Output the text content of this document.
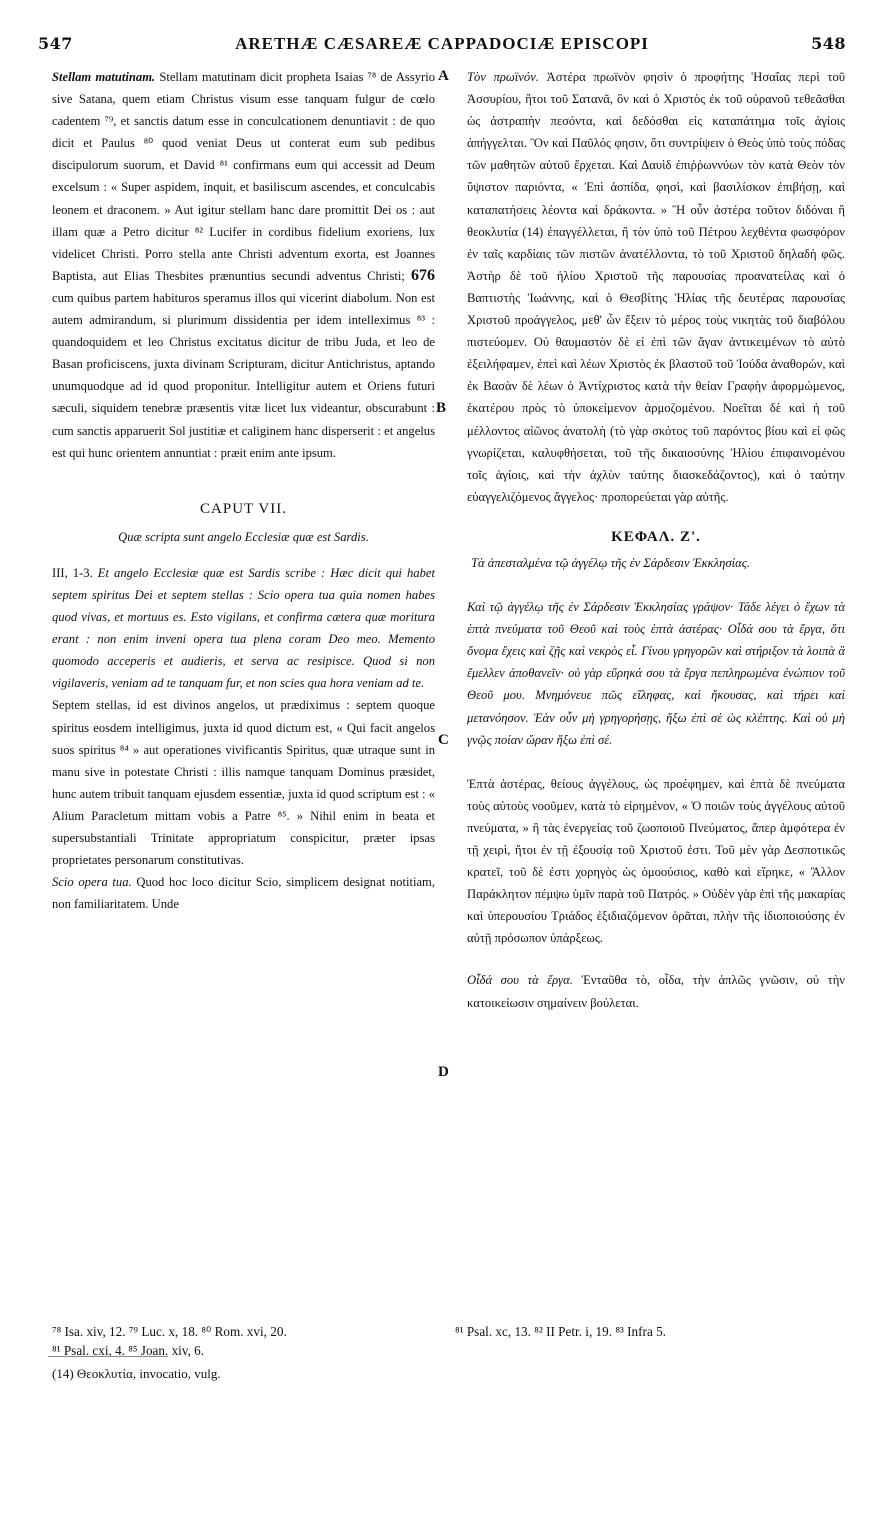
547	ARETHÆ CÆSAREÆ CAPPADOCIÆ EPISCOPI	548
A
B
C
D

Stellam matutinam. Stellam matutinam dicit propheta Isaias ⁷⁸ de Assyrio sive Satana, quem etiam Christus visum esse tanquam fulgur de cœlo cadentem ⁷⁹, et sanctis datum esse in conculcationem denuntiavit : de quo dicit et Paulus ⁸⁰ quod veniat Deus ut conterat eum sub pedibus discipulorum suorum, et David ⁸¹ confirmans eum qui accessit ad Deum excelsum : « Super aspidem, inquit, et basiliscum ascendes, et conculcabis leonem et draconem. » Aut igitur stellam hanc dare promittit Dei os : aut illam quæ a Petro dicitur ⁸² Lucifer in cordibus fidelium exoriens, lux videlicet Christi. Porro stella ante Christi adventum exorta, est Joannes Baptista, aut Elias Thesbites prænuntius secundi adventus Christi; 676 cum quibus partem habituros speramus illos qui vicerint diabolum. Non est autem admirandum, si plurimum dissidentia per idem intelleximus ⁸³ : quandoquidem et leo Christus excitatus dicitur de tribu Juda, et leo de Basan proficiscens, juxta divinam Scripturam, dicitur Antichristus, aptando unumquodque ad id quod proponitur. Intelligitur autem et Oriens futuri sæculi, siquidem tenebræ præsentis vitæ licet lux videantur, obscurabunt : cum sanctis apparuerit Sol justitiæ et caliginem hanc disperserit : et angelus est qui hunc orientem annuntiat : præit enim ante ipsum.

CAPUT VII.
Quæ scripta sunt angelo Ecclesiæ quæ est Sardis.

III, 1-3. Et angelo Ecclesiæ quæ est Sardis scribe : Hæc dicit qui habet septem spiritus Dei et septem stellas : Scio opera tua quia nomen habes quod vivas, et mortuus es. Esto vigilans, et confirma cætera quæ moritura erant : non enim inveni opera tua plena coram Deo meo. Memento quomodo acceperis et audieris, et serva ac resipisce. Quod si non vigilaveris, veniam ad te tanquam fur, et non scies qua hora veniam ad te.

Septem stellas, id est divinos angelos, ut prædiximus : septem quoque spiritus eosdem intelligimus, juxta id quod dictum est, « Qui facit angelos suos spiritus ⁸⁴ » aut operationes vivificantis Spiritus, quæ utraque sunt in manu sive in potestate Christi : illis namque tanquam Dominus præsidet, hunc autem tribuit tanquam ejusdem essentiæ, juxta id quod scriptum est : « Alium Paracletum mittam vobis a Patre ⁸⁵. » Nihil enim in beata et supersubstantiali Trinitate appropriatum conspicitur, præter ipsas proprietates personarum constitutivas.

Scio opera tua. Quod hoc loco dicitur Scio, simplicem designat notitiam, non familiaritatem. Unde

Τὸν πρωϊνόν. Ἀστέρα πρωϊνὸν φησὶν ὁ προφήτης Ἡσαΐας περὶ τοῦ Ἀσσυρίου, ἤτοι τοῦ Σατανᾶ, ὃν καὶ ὁ Χριστὸς ἐκ τοῦ οὐρανοῦ τεθεᾶσθαι ὡς ἀστραπὴν πεσόντα, καὶ δεδόσθαι εἰς καταπάτημα τοῖς ἁγίοις ἀπήγγελται. Ὃν καὶ Παῦλός φησιν, ὅτι συντρίψειν ὁ Θεὸς ὑπὸ τοὺς πόδας τῶν μαθητῶν αὐτοῦ ἔρχεται. Καὶ Δαυὶδ ἐπιῤῥωννύων τὸν κατὰ Θεὸν τὸν ὕψιστον παριόντα, « Ἐπὶ ἀσπίδα, φησὶ, καὶ βασιλίσκον ἐπιβήσῃ, καὶ καταπατήσεις λέοντα καὶ δράκοντα. » Ἢ οὖν ἀστέρα τοῦτον διδόναι ἢ θεοκλυτία (14) ἐπαγγέλλεται, ἢ τὸν ὑπὸ τοῦ Πέτρου λεχθέντα φωσφόρον ἐν ταῖς καρδίαις τῶν πιστῶν ἀνατέλλοντα, τὸ τοῦ Χριστοῦ δηλαδὴ φῶς. Ἀστὴρ δὲ τοῦ ἡλίου Χριστοῦ τῆς παρουσίας προανατείλας καὶ ὁ Βαπτιστὴς Ἰωάννης, καὶ ὁ Θεσβίτης Ἡλίας τῆς δευτέρας παρουσίας Χριστοῦ προάγγελος, μεθ' ὧν ἕξειν τὸ μέρος τοὺς νικητὰς τοῦ διαβόλου πιστεύομεν. Οὐ θαυμαστὸν δὲ εἰ ἐπὶ τῶν ἄγαν ἀντικειμένων τὸ αὐτὸ ἐξειλήφαμεν, ἐπεὶ καὶ λέων Χριστὸς ἐκ βλαστοῦ τοῦ Ἰούδα ἀναθορών, καὶ ἐκ Βασὰν δὲ λέων ὁ Ἀντίχριστος κατὰ τὴν θείαν Γραφὴν ἀφορμώμενος, ἑκατέρου πρὸς τὸ ὑποκείμενον ἁρμοζομένου. Νοεῖται δὲ καὶ ἡ τοῦ μέλλοντος αἰῶνος ἀνατολὴ (τὸ γὰρ σκότος τοῦ παρόντος βίου καὶ εἰ φῶς γνωρίζεται, καλυφθήσεται, τοῦ τῆς δικαιοσύνης Ἡλίου ἐπιφαινομένου τοῖς ἁγίοις, καὶ τὴν ἀχλὺν ταύτης διασκεδάζοντος), καὶ ὁ ταύτην εὐαγγελιζόμενος ἄγγελος· προπορεύεται γὰρ αὐτῆς.

ΚΕΦΑΛ. Ζ'.
Τὰ ἀπεσταλμένα τῷ ἀγγέλῳ τῆς ἐν Σάρδεσιν Ἐκκλησίας.

Καὶ τῷ ἀγγέλῳ τῆς ἐν Σάρδεσιν Ἐκκλησίας γράψον· Τάδε λέγει ὁ ἔχων τὰ ἑπτὰ πνεύματα τοῦ Θεοῦ καὶ τοὺς ἑπτὰ ἀστέρας· Οἶδά σου τὰ ἔργα, ὅτι ὄνομα ἔχεις καὶ ζῇς καὶ νεκρὸς εἶ. Γίνου γρηγορῶν καὶ στήριξον τὰ λοιπὰ ἃ ἔμελλεν ἀποθανεῖν· οὐ γὰρ εὕρηκά σου τὰ ἔργα πεπληρωμένα ἐνώπιον τοῦ Θεοῦ μου. Μνημόνευε πῶς εἴληφας, καὶ ἤκουσας, καὶ τήρει καὶ μετανόησον. Ἐὰν οὖν μὴ γρηγορήσῃς, ἥξω ἐπὶ σὲ ὡς κλέπτης. Καὶ οὐ μὴ γνῷς ποίαν ὥραν ἥξω ἐπὶ σέ.

Ἑπτὰ ἀστέρας, θείους ἀγγέλους, ὡς προέφημεν, καὶ ἑπτὰ δὲ πνεύματα τοὺς αὐτοὺς νοοῦμεν, κατὰ τὸ εἰρημένον, « Ὁ ποιῶν τοὺς ἀγγέλους αὐτοῦ πνεύματα, » ἢ τὰς ἐνεργείας τοῦ ζωοποιοῦ Πνεύματος, ἅπερ ἀμφότερα ἐν τῇ χειρὶ, ἤτοι ἐν τῇ ἐξουσίᾳ τοῦ Χριστοῦ ἐστι. Τοῦ μὲν γὰρ Δεσποτικῶς κρατεῖ, τοῦ δὲ ἐστι χορηγὸς ὡς ὁμοούσιος, καθὸ καὶ εἴρηκε, « Ἄλλον Παράκλητον πέμψω ὑμῖν παρὰ τοῦ Πατρός. » Οὐδὲν γὰρ ἐπὶ τῆς μακαρίας καὶ ὑπερουσίου Τριάδος ἐξιδιαζόμενον ὁρᾶται, πλὴν τῆς ἰδιοποιούσης ἐν αὐτῇ πρόσωπον ὑπάρξεως.

Οἶδά σου τὰ ἔργα. Ἐνταῦθα τὸ, οἶδα, τὴν ἁπλῶς γνῶσιν, οὐ τὴν κατοικείωσιν σημαίνειν βούλεται.

⁷⁸ Isa. xiv, 12. ⁷⁹ Luc. x, 18. ⁸⁰ Rom. xvi, 20.
⁸¹ Psal. cxi, 4. ⁸⁵ Joan. xiv, 6.
⁸¹ Psal. xc, 13. ⁸² II Petr. i, 19. ⁸³ Infra 5.
(14) Θεοκλυτία, invocatio, vulg.
